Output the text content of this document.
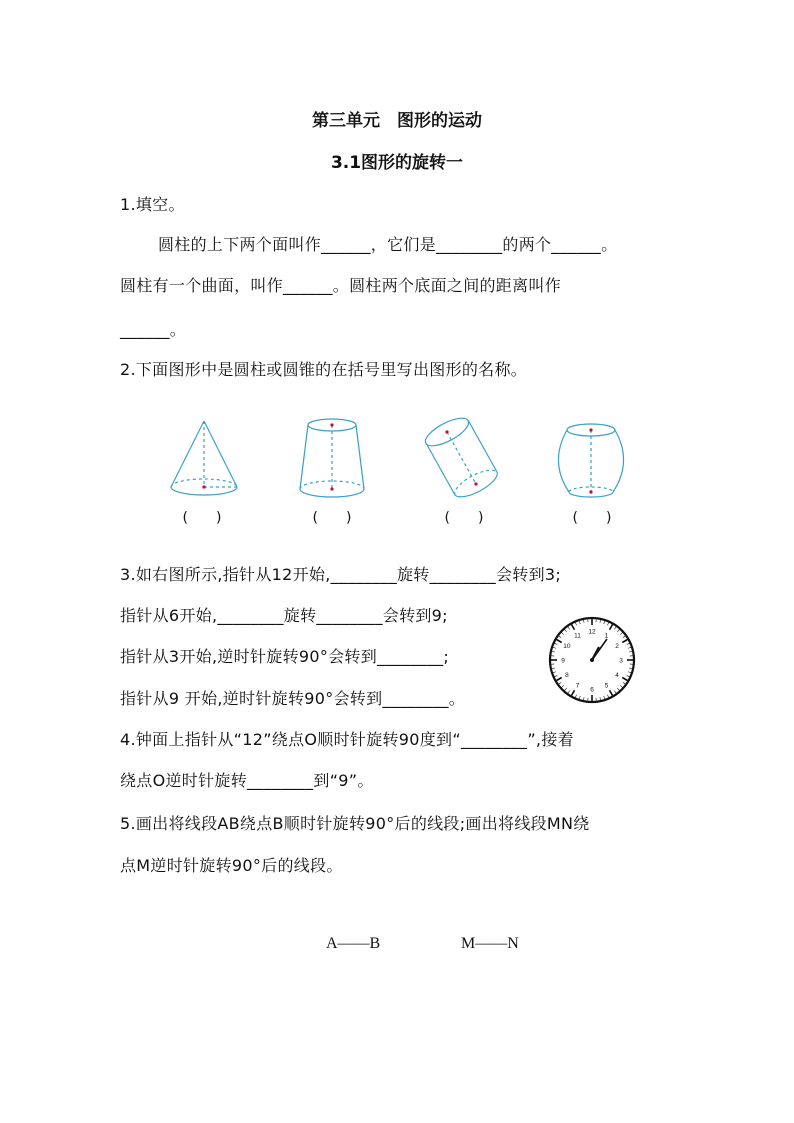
第三单元　图形的运动
3.1图形的旋转一
1.填空。
圆柱的上下两个面叫作______，它们是________的两个______。
圆柱有一个曲面，叫作______。圆柱两个底面之间的距离叫作
______。
2.下面图形中是圆柱或圆锥的在括号里写出图形的名称。
(　　)	(　　)	(　　)	(　　)
3.如右图所示,指针从12开始,________旋转________会转到3;
指针从6开始,________旋转________会转到9;
指针从3开始,逆时针旋转90°会转到________;
指针从9 开始,逆时针旋转90°会转到________。
12
1
2
3
4
5
6
7
8
9
10
11
4.钟面上指针从“12”绕点O顺时针旋转90度到“________”,接着
绕点O逆时针旋转________到“9”。
5.画出将线段AB绕点B顺时针旋转90°后的线段;画出将线段MN绕
点M逆时针旋转90°后的线段。
A——B	M——N
